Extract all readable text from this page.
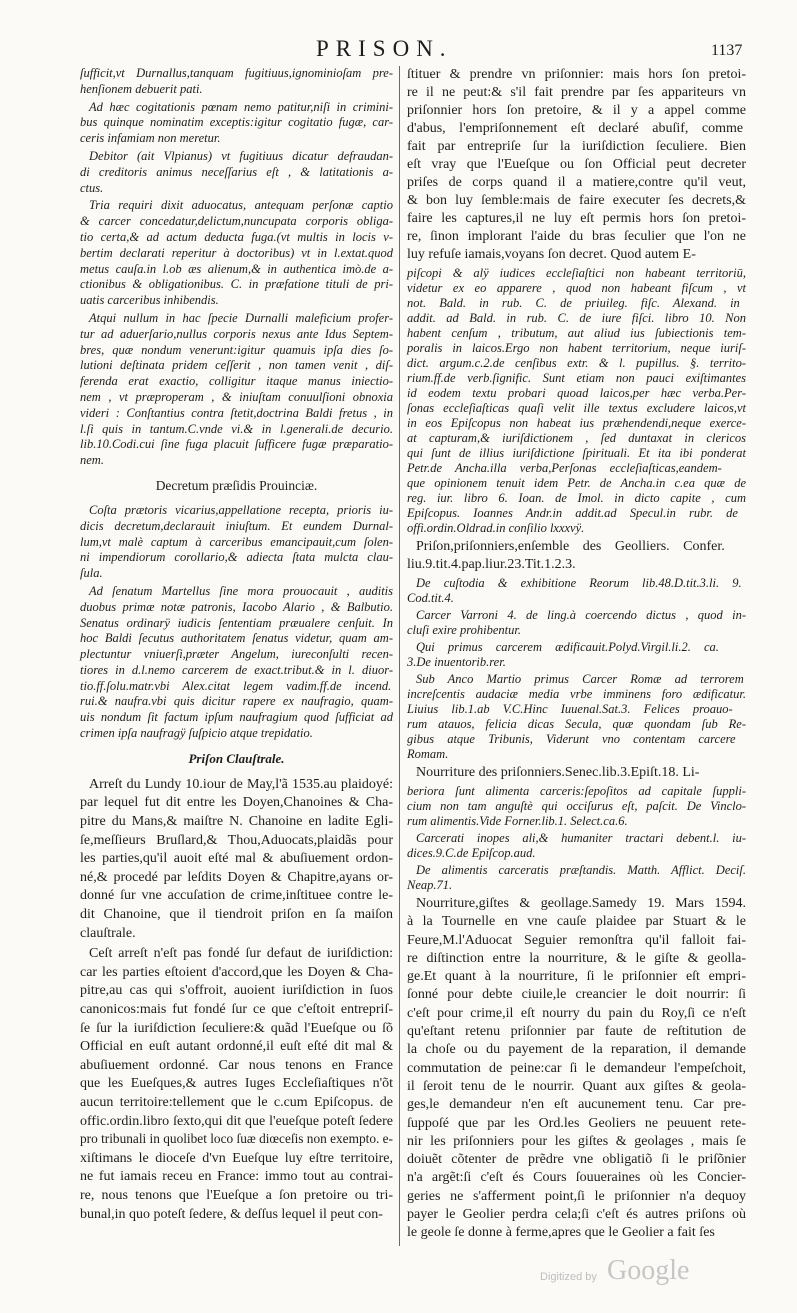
PRISON.	1137
ſufficit,vt Durnallus,tanquam fugitiuus,ignominioſam pre-
henſionem debuerit pati.
Ad hæc cogitationis pœnam nemo patitur,niſi in crimini-
bus quinque nominatim exceptis:igitur cogitatio fugæ, car-
ceris infamiam non meretur.
Debitor (ait Vlpianus) vt fugitiuus dicatur defraudan-
di creditoris animus neceſſarius eſt , & latitationis a-
ctus.
Tria requiri dixit aduocatus, antequam perſonæ captio
& carcer concedatur,delictum,nuncupata corporis obliga-
tio certa,& ad actum deducta fuga.(vt multis in locis v-
bertim declarati reperitur à doctoribus) vt in l.extat.quod
metus cauſa.in l.ob æs alienum,& in authentica imò.de a-
ctionibus & obligationibus. C. in præfatione tituli de pri-
uatis carceribus inhibendis.
Atqui nullum in hac ſpecie Durnalli maleficium profer-
tur ad aduerſario,nullus corporis nexus ante Idus Septem-
bres, quæ nondum venerunt:igitur quamuis ipſa dies ſo-
lutioni deſtinata pridem ceſſerit , non tamen venit , diſ-
ferenda erat exactio, colligitur itaque manus iniectio-
nem , vt præproperam , & iniuſtam conuulſioni obnoxia
videri : Conſtantius contra ſtetit,doctrina Baldi fretus , in
l.ſi quis in tantum.C.vnde vi.& in l.generali.de decurio.
lib.10.Codi.cui ſine fuga placuit ſufficere fugæ præparatio-
nem.
Decretum præſidis Prouinciæ.
Coſta prætoris vicarius,appellatione recepta, prioris iu-
dicis decretum,declarauit iniuſtum. Et eundem Durnal-
lum,vt malè captum à carceribus emancipauit,cum ſolen-
ni impendiorum corollario,& adiecta ſtata mulcta clau-
ſula.
Ad ſenatum Martellus ſine mora prouocauit , auditis
duobus primæ notæ patronis, Iacobo Alario , & Balbutio.
Senatus ordinarÿ iudicis ſententiam præualere cenſuit. In
hoc Baldi ſecutus authoritatem ſenatus videtur, quam am-
plectuntur vniuerſi,præter Angelum, iureconſulti recen-
tiores in d.l.nemo carcerem de exact.tribut.& in l. diuor-
tio.ff.ſolu.matr.vbi Alex.citat legem vadim.ff.de incend.
rui.& naufra.vbi quis dicitur rapere ex naufragio, quam-
uis nondum ſit factum ipſum naufragium quod ſufficiat ad
crimen ipſa naufragÿ ſuſpicio atque trepidatio.
Priſon Clauſtrale.
Arreſt du Lundy 10.iour de May,l'ã 1535.au plaidoyé:
par lequel fut dit entre les Doyen,Chanoines & Cha-
pitre du Mans,& maiſtre N. Chanoine en ladite Egli-
ſe,meſſieurs Bruſlard,& Thou,Aduocats,plaidãs pour
les parties,qu'il auoit eſté mal & abuſiuement ordon-
né,& procedé par leſdits Doyen & Chapitre,ayans or-
donné ſur vne accuſation de crime,inſtituee contre le-
dit Chanoine, que il tiendroit priſon en ſa maiſon
clauſtrale.
Ceſt arreſt n'eſt pas fondé ſur defaut de iuriſdiction:
car les parties eſtoient d'accord,que les Doyen & Cha-
pitre,au cas qui s'offroit, auoient iuriſdiction in ſuos
canonicos:mais fut fondé ſur ce que c'eſtoit entrepriſ-
ſe ſur la iuriſdiction ſeculiere:& quãd l'Eueſque ou ſõ
Official en euſt autant ordonné,il euſt eſté dit mal &
abuſiuement ordonné. Car nous tenons en France
que les Eueſques,& autres Iuges Eccleſiaſtiques n'õt
aucun territoire:tellement que le c.cum Epiſcopus. de
offic.ordin.libro ſexto,qui dit que l'eueſque poteſt ſedere
pro tribunali in quolibet loco ſuæ diœceſis non exempto. e-
xiſtimans le dioceſe d'vn Eueſque luy eſtre territoire,
ne fut iamais receu en France: immo tout au contrai-
re, nous tenons que l'Eueſque a ſon pretoire ou tri-
bunal,in quo poteſt ſedere, & deſſus lequel il peut con-
ſtituer & prendre vn priſonnier: mais hors ſon pretoi-
re il ne peut:& s'il fait prendre par ſes appariteurs vn
priſonnier hors ſon pretoire, & il y a appel comme
d'abus, l'empriſonnement eſt declaré abuſif, comme
fait par entrepriſe ſur la iuriſdiction ſeculiere. Bien
eſt vray que l'Eueſque ou ſon Official peut decreter
priſes de corps quand il a matiere,contre qu'il veut,
& bon luy ſemble:mais de faire executer ſes decrets,&
faire les captures,il ne luy eſt permis hors ſon pretoi-
re, ſinon implorant l'aide du bras ſeculier que l'on ne
luy refuſe iamais,voyans ſon decret. Quod autem E-
piſcopi & alÿ iudices eccleſiaſtici non habeant territoriū,
videtur ex eo apparere , quod non habeant fiſcum , vt
not. Bald. in rub. C. de priuileg. fiſc. Alexand. in
addit. ad Bald. in rub. C. de iure fiſci. libro 10. Non
habent cenſum , tributum, aut aliud ius ſubiectionis tem-
poralis in laicos.Ergo non habent territorium, neque iuriſ-
dict. argum.c.2.de cenſibus extr. & l. pupillus. §. territo-
rium.ff.de verb.ſignific. Sunt etiam non pauci exiſtimantes
id eodem textu probari quoad laicos,per hæc verba.Per-
ſonas eccleſiaſticas quaſi velit ille textus excludere laicos,vt
in eos Epiſcopus non habeat ius præhendendi,neque exerce-
at capturam,& iuriſdictionem , ſed duntaxat in clericos
qui ſunt de illius iuriſdictione ſpirituali. Et ita ibi ponderat
Petr.de Ancha.illa verba,Perſonas eccleſiaſticas,eandem-
que opinionem tenuit idem Petr. de Ancha.in c.ea quæ de
reg. iur. libro 6. Ioan. de Imol. in dicto capite , cum
Epiſcopus. Ioannes Andr.in addit.ad Specul.in rubr. de
offi.ordin.Oldrad.in conſilio lxxxvÿ.
Priſon,priſonniers,enſemble des Geolliers. Confer.
liu.9.tit.4.pap.liur.23.Tit.1.2.3.
De cuſtodia & exhibitione Reorum lib.48.D.tit.3.li. 9.
Cod.tit.4.
Carcer Varroni 4. de ling.à coercendo dictus , quod in-
cluſi exire prohibentur.
Qui primus carcerem ædificauit.Polyd.Virgil.li.2. ca.
3.De inuentorib.rer.
Sub Anco Martio primus Carcer Romæ ad terrorem
increſcentis audaciæ media vrbe imminens foro ædificatur.
Liuius lib.1.ab V.C.Hinc Iuuenal.Sat.3. Felices proauo-
rum atauos, felicia dicas Secula, quæ quondam ſub Re-
gibus atque Tribunis, Viderunt vno contentam carcere
Romam.
Nourriture des priſonniers.Senec.lib.3.Epiſt.18. Li-
beriora ſunt alimenta carceris:ſepoſitos ad capitale ſuppli-
cium non tam anguſtè qui occiſurus eſt, paſcit. De Vinclo-
rum alimentis.Vide Forner.lib.1. Select.ca.6.
Carcerati inopes ali,& humaniter tractari debent.l. iu-
dices.9.C.de Epiſcop.aud.
De alimentis carceratis præſtandis. Matth. Afflict. Deciſ.
Neap.71.
Nourriture,giſtes & geollage.Samedy 19. Mars 1594.
à la Tournelle en vne cauſe plaidee par Stuart & le
Feure,M.l'Aduocat Seguier remonſtra qu'il falloit fai-
re diſtinction entre la nourriture, & le giſte & geolla-
ge.Et quant à la nourriture, ſi le priſonnier eſt empri-
ſonné pour debte ciuile,le creancier le doit nourrir: ſi
c'eſt pour crime,il eſt nourry du pain du Roy,ſi ce n'eſt
qu'eſtant retenu priſonnier par faute de reſtitution de
la choſe ou du payement de la reparation, il demande
commutation de peine:car ſi le demandeur l'empeſchoit,
il ſeroit tenu de le nourrir. Quant aux giſtes & geola-
ges,le demandeur n'en eſt aucunement tenu. Car pre-
ſuppoſé que par les Ord.les Geoliers ne peuuent rete-
nir les priſonniers pour les giſtes & geolages , mais ſe
doiuẽt cõtenter de prẽdre vne obligatiõ ſi le priſõnier
n'a argẽt:ſi c'eſt és Cours ſouueraines où les Concier-
geries ne s'afferment point,ſi le priſonnier n'a dequoy
payer le Geolier perdra cela;ſi c'eſt és autres priſons où
le geole ſe donne à ferme,apres que le Geolier a fait ſes
Digitized by Google
